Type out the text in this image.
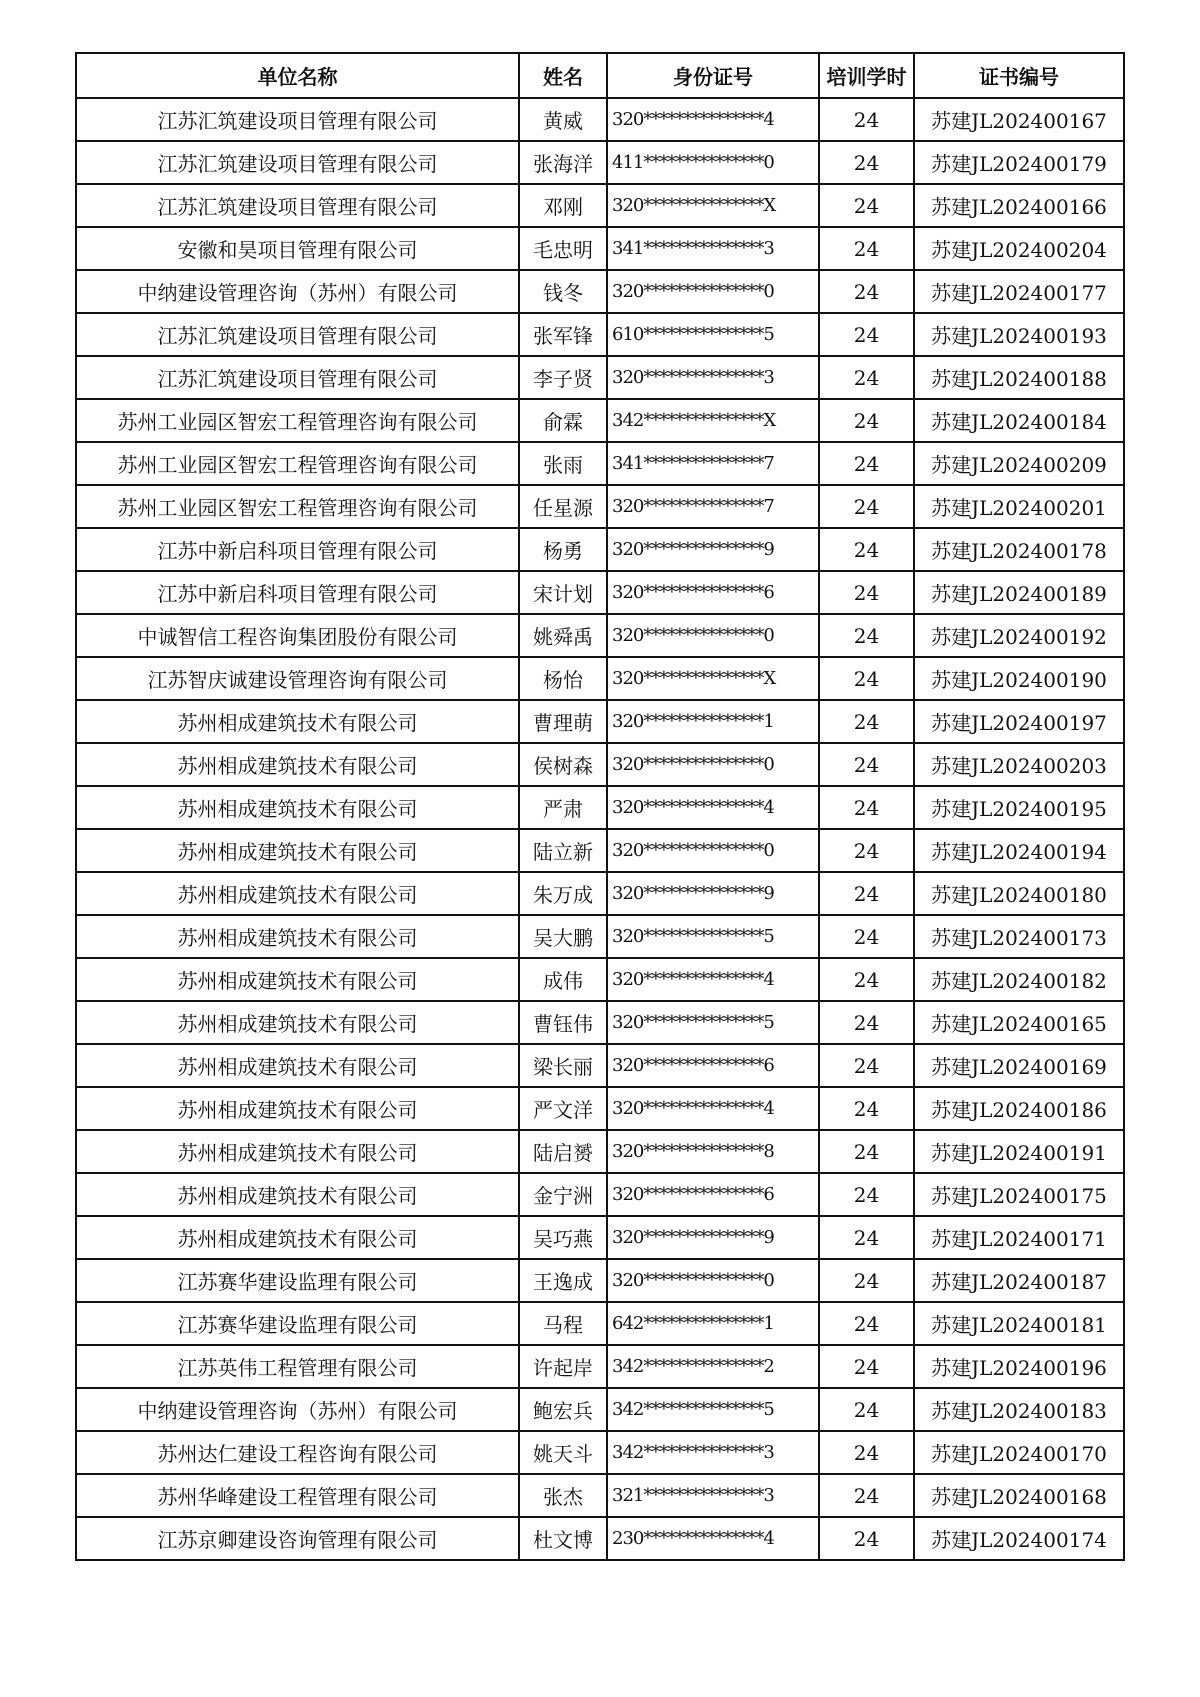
单位名称	姓名	身份证号	培训学时	证书编号
江苏汇筑建设项目管理有限公司	黄威	320***************4	24	苏建JL202400167
江苏汇筑建设项目管理有限公司	张海洋	411***************0	24	苏建JL202400179
江苏汇筑建设项目管理有限公司	邓刚	320***************X	24	苏建JL202400166
安徽和昊项目管理有限公司	毛忠明	341***************3	24	苏建JL202400204
中纳建设管理咨询（苏州）有限公司	钱冬	320***************0	24	苏建JL202400177
江苏汇筑建设项目管理有限公司	张军锋	610***************5	24	苏建JL202400193
江苏汇筑建设项目管理有限公司	李子贤	320***************3	24	苏建JL202400188
苏州工业园区智宏工程管理咨询有限公司	俞霖	342***************X	24	苏建JL202400184
苏州工业园区智宏工程管理咨询有限公司	张雨	341***************7	24	苏建JL202400209
苏州工业园区智宏工程管理咨询有限公司	任星源	320***************7	24	苏建JL202400201
江苏中新启科项目管理有限公司	杨勇	320***************9	24	苏建JL202400178
江苏中新启科项目管理有限公司	宋计划	320***************6	24	苏建JL202400189
中诚智信工程咨询集团股份有限公司	姚舜禹	320***************0	24	苏建JL202400192
江苏智庆诚建设管理咨询有限公司	杨怡	320***************X	24	苏建JL202400190
苏州相成建筑技术有限公司	曹理萌	320***************1	24	苏建JL202400197
苏州相成建筑技术有限公司	侯树森	320***************0	24	苏建JL202400203
苏州相成建筑技术有限公司	严肃	320***************4	24	苏建JL202400195
苏州相成建筑技术有限公司	陆立新	320***************0	24	苏建JL202400194
苏州相成建筑技术有限公司	朱万成	320***************9	24	苏建JL202400180
苏州相成建筑技术有限公司	吴大鹏	320***************5	24	苏建JL202400173
苏州相成建筑技术有限公司	成伟	320***************4	24	苏建JL202400182
苏州相成建筑技术有限公司	曹钰伟	320***************5	24	苏建JL202400165
苏州相成建筑技术有限公司	梁长丽	320***************6	24	苏建JL202400169
苏州相成建筑技术有限公司	严文洋	320***************4	24	苏建JL202400186
苏州相成建筑技术有限公司	陆启赟	320***************8	24	苏建JL202400191
苏州相成建筑技术有限公司	金宁洲	320***************6	24	苏建JL202400175
苏州相成建筑技术有限公司	吴巧燕	320***************9	24	苏建JL202400171
江苏赛华建设监理有限公司	王逸成	320***************0	24	苏建JL202400187
江苏赛华建设监理有限公司	马程	642***************1	24	苏建JL202400181
江苏英伟工程管理有限公司	许起岸	342***************2	24	苏建JL202400196
中纳建设管理咨询（苏州）有限公司	鲍宏兵	342***************5	24	苏建JL202400183
苏州达仁建设工程咨询有限公司	姚天斗	342***************3	24	苏建JL202400170
苏州华峰建设工程管理有限公司	张杰	321***************3	24	苏建JL202400168
江苏京卿建设咨询管理有限公司	杜文博	230***************4	24	苏建JL202400174
